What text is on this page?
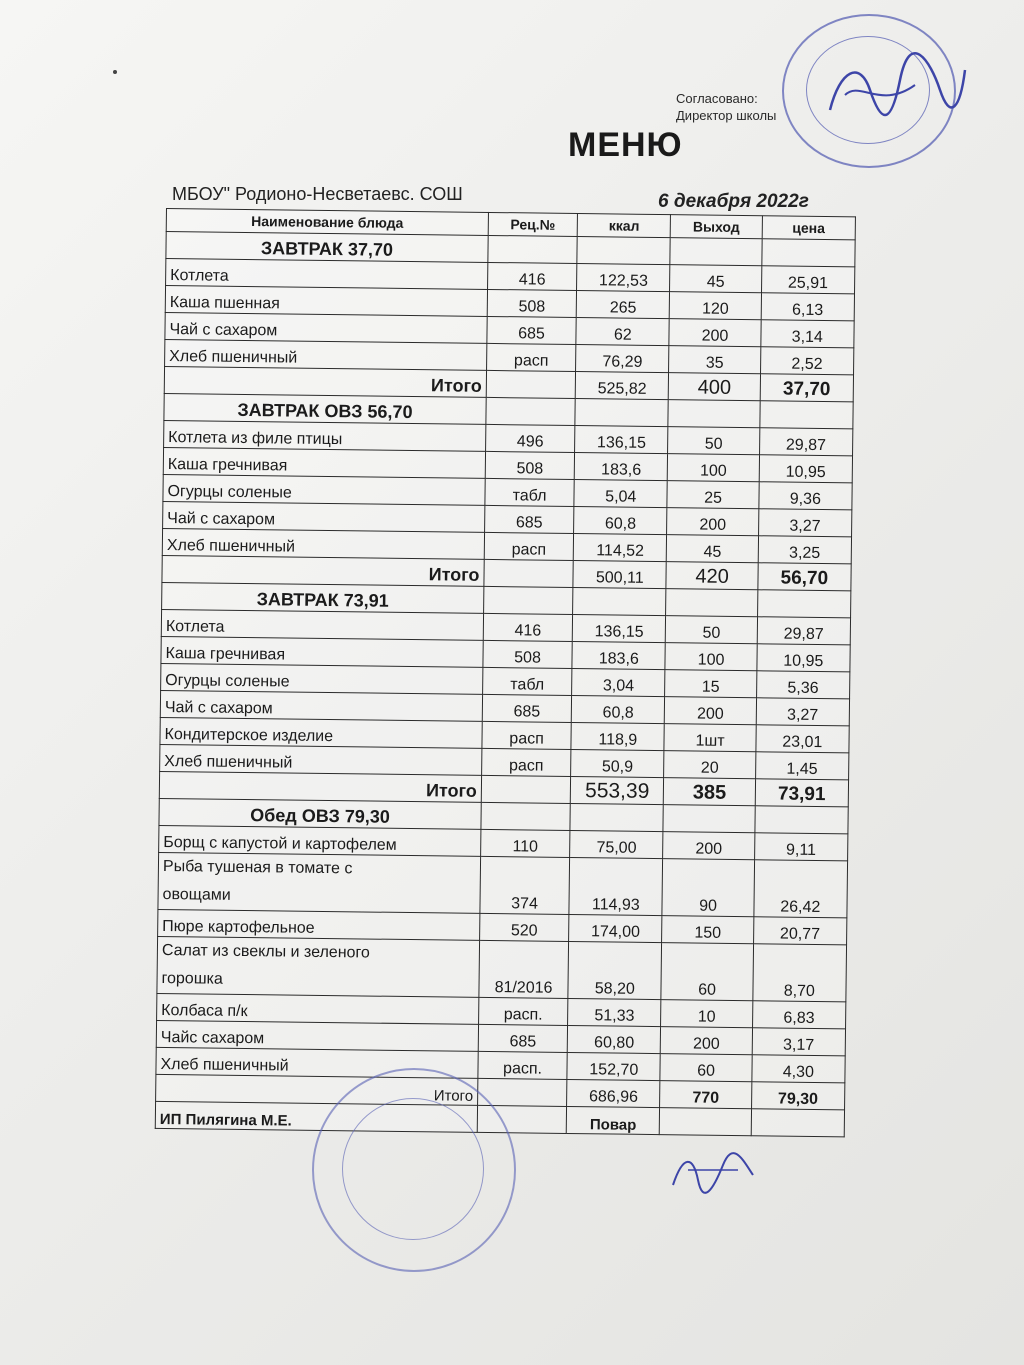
Согласовано:
Директор школы
МЕНЮ
МБОУ" Родионо-Несветаевс. СОШ	6 декабря 2022г
Наименование блюда	Рец.№	ккал	Выход	цена
ЗАВТРАК 37,70				
Котлета	416	122,53	45	25,91
Каша пшенная	508	265	120	6,13
Чай с сахаром	685	62	200	3,14
Хлеб пшеничный	расп	76,29	35	2,52
Итого		525,82	400	37,70
ЗАВТРАК ОВЗ 56,70				
Котлета из филе птицы	496	136,15	50	29,87
Каша гречнивая	508	183,6	100	10,95
Огурцы соленые	табл	5,04	25	9,36
Чай с сахаром	685	60,8	200	3,27
Хлеб пшеничный	расп	114,52	45	3,25
Итого		500,11	420	56,70
ЗАВТРАК 73,91				
Котлета	416	136,15	50	29,87
Каша гречнивая	508	183,6	100	10,95
Огурцы соленые	табл	3,04	15	5,36
Чай с сахаром	685	60,8	200	3,27
Кондитерское изделие	расп	118,9	1шт	23,01
Хлеб пшеничный	расп	50,9	20	1,45
Итого		553,39	385	73,91
Обед ОВЗ 79,30				
Борщ с капустой и картофелем	110	75,00	200	9,11

Рыба тушеная в томате с
овощами	374	114,93	90	26,42
Пюре картофельное	520	174,00	150	20,77

Салат из свеклы и зеленого
горошка	81/2016	58,20	60	8,70
Колбаса п/к	расп.	51,33	10	6,83
Чайс сахаром	685	60,80	200	3,17
Хлеб пшеничный	расп.	152,70	60	4,30
Итого		686,96	770	79,30
ИП Пилягина М.Е.		Повар		
